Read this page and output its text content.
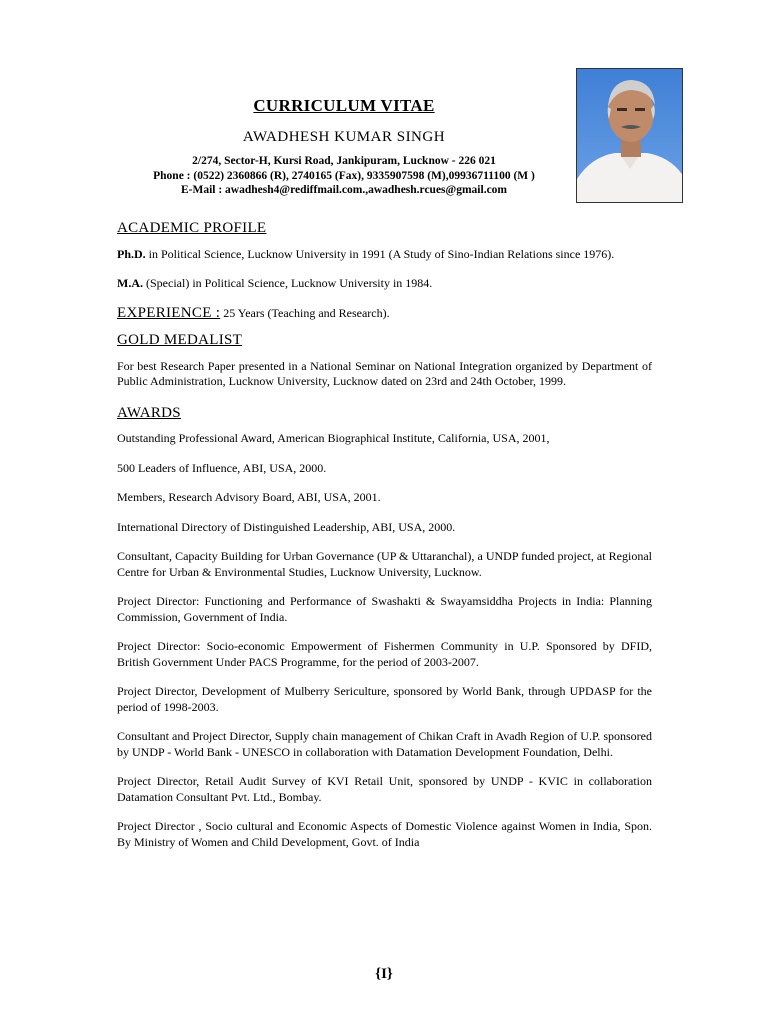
CURRICULUM VITAE
AWADHESH KUMAR SINGH
2/274, Sector-H, Kursi Road, Jankipuram, Lucknow - 226 021
Phone : (0522) 2360866 (R), 2740165 (Fax), 9335907598 (M),09936711100 (M )
E-Mail : awadhesh4@rediffmail.com.,awadhesh.rcues@gmail.com
ACADEMIC PROFILE

Ph.D. in Political Science, Lucknow University in 1991 (A Study of Sino-Indian Relations since 1976).

M.A. (Special) in Political Science, Lucknow University in 1984.

EXPERIENCE : 25 Years (Teaching and Research).

GOLD MEDALIST

For best Research Paper presented in a National Seminar on National Integration organized by Department of Public Administration, Lucknow University, Lucknow dated on 23rd and 24th October, 1999.

AWARDS

Outstanding Professional Award, American Biographical Institute, California, USA, 2001,

500 Leaders of Influence, ABI, USA, 2000.

Members, Research Advisory Board, ABI, USA, 2001.

International Directory of Distinguished Leadership, ABI, USA, 2000.

Consultant, Capacity Building for Urban Governance (UP & Uttaranchal), a UNDP funded project, at Regional Centre for Urban & Environmental Studies, Lucknow University, Lucknow.

Project Director: Functioning and Performance of Swashakti & Swayamsiddha Projects in India: Planning Commission, Government of India.

Project Director: Socio-economic Empowerment of Fishermen Community in U.P. Sponsored by DFID, British Government Under PACS Programme, for the period of 2003-2007.

Project Director, Development of Mulberry Sericulture, sponsored by World Bank, through UPDASP for the period of 1998-2003.

Consultant and Project Director, Supply chain management of Chikan Craft in Avadh Region of U.P. sponsored by UNDP - World Bank - UNESCO in collaboration with Datamation Development Foundation, Delhi.

Project Director, Retail Audit Survey of KVI Retail Unit, sponsored by UNDP - KVIC in collaboration Datamation Consultant Pvt. Ltd., Bombay.

Project Director , Socio cultural and Economic Aspects of Domestic Violence against Women in India, Spon. By Ministry of Women and Child Development, Govt. of India

{I}
